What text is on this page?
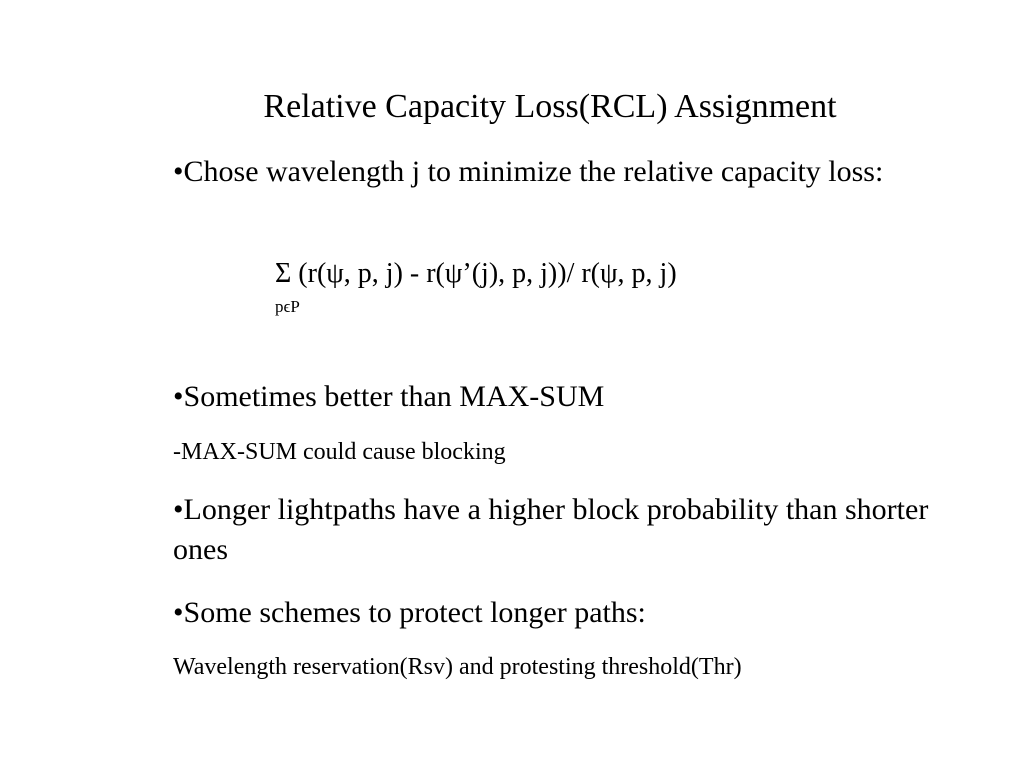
Relative Capacity Loss(RCL) Assignment
•Chose wavelength j to minimize the relative capacity loss:
Σ (r(ψ, p, j) - r(ψ’(j), p, j))/ r(ψ, p, j)
pϵP
•Sometimes better than MAX-SUM
-MAX-SUM could cause blocking
•Longer lightpaths have a higher block probability than shorter ones
•Some schemes to protect longer paths:
Wavelength reservation(Rsv) and protesting threshold(Thr)
